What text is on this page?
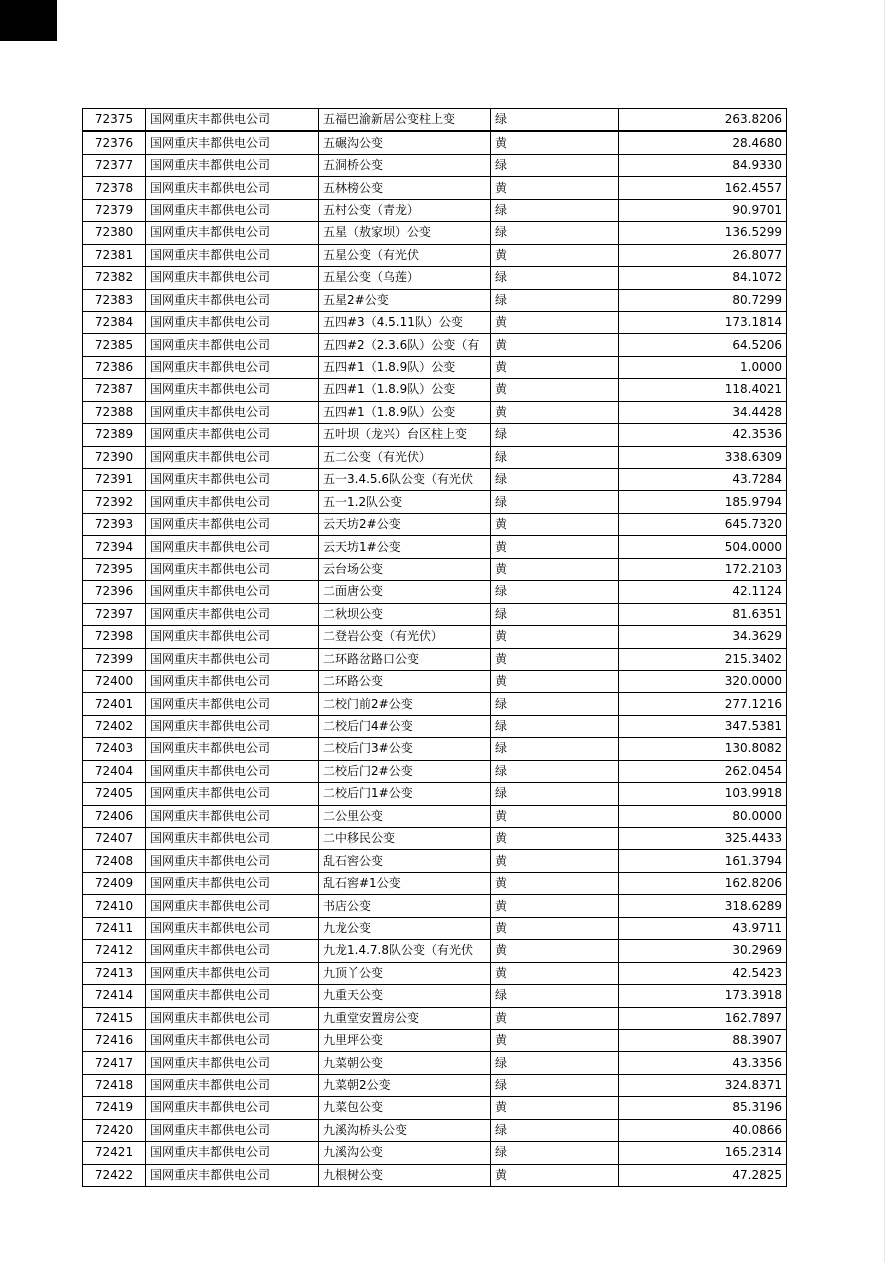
72375	国网重庆丰都供电公司	五福巴渝新居公变柱上变	绿	263.8206
72376	国网重庆丰都供电公司	五碾沟公变	黄	28.4680
72377	国网重庆丰都供电公司	五洞桥公变	绿	84.9330
72378	国网重庆丰都供电公司	五林榜公变	黄	162.4557
72379	国网重庆丰都供电公司	五村公变（青龙）	绿	90.9701
72380	国网重庆丰都供电公司	五星（敖家坝）公变	绿	136.5299
72381	国网重庆丰都供电公司	五星公变（有光伏	黄	26.8077
72382	国网重庆丰都供电公司	五星公变（乌莲）	绿	84.1072
72383	国网重庆丰都供电公司	五星2#公变	绿	80.7299
72384	国网重庆丰都供电公司	五四#3（4.5.11队）公变	黄	173.1814
72385	国网重庆丰都供电公司	五四#2（2.3.6队）公变（有	黄	64.5206
72386	国网重庆丰都供电公司	五四#1（1.8.9队）公变	黄	1.0000
72387	国网重庆丰都供电公司	五四#1（1.8.9队）公变	黄	118.4021
72388	国网重庆丰都供电公司	五四#1（1.8.9队）公变	黄	34.4428
72389	国网重庆丰都供电公司	五叶坝（龙兴）台区柱上变	绿	42.3536
72390	国网重庆丰都供电公司	五二公变（有光伏）	绿	338.6309
72391	国网重庆丰都供电公司	五一3.4.5.6队公变（有光伏	绿	43.7284
72392	国网重庆丰都供电公司	五一1.2队公变	绿	185.9794
72393	国网重庆丰都供电公司	云天坊2#公变	黄	645.7320
72394	国网重庆丰都供电公司	云天坊1#公变	黄	504.0000
72395	国网重庆丰都供电公司	云台场公变	黄	172.2103
72396	国网重庆丰都供电公司	二面唐公变	绿	42.1124
72397	国网重庆丰都供电公司	二秋坝公变	绿	81.6351
72398	国网重庆丰都供电公司	二登岩公变（有光伏）	黄	34.3629
72399	国网重庆丰都供电公司	二环路岔路口公变	黄	215.3402
72400	国网重庆丰都供电公司	二环路公变	黄	320.0000
72401	国网重庆丰都供电公司	二校门前2#公变	绿	277.1216
72402	国网重庆丰都供电公司	二校后门4#公变	绿	347.5381
72403	国网重庆丰都供电公司	二校后门3#公变	绿	130.8082
72404	国网重庆丰都供电公司	二校后门2#公变	绿	262.0454
72405	国网重庆丰都供电公司	二校后门1#公变	绿	103.9918
72406	国网重庆丰都供电公司	二公里公变	黄	80.0000
72407	国网重庆丰都供电公司	二中移民公变	黄	325.4433
72408	国网重庆丰都供电公司	乱石窖公变	黄	161.3794
72409	国网重庆丰都供电公司	乱石窖#1公变	黄	162.8206
72410	国网重庆丰都供电公司	书店公变	黄	318.6289
72411	国网重庆丰都供电公司	九龙公变	黄	43.9711
72412	国网重庆丰都供电公司	九龙1.4.7.8队公变（有光伏	黄	30.2969
72413	国网重庆丰都供电公司	九顶丫公变	黄	42.5423
72414	国网重庆丰都供电公司	九重天公变	绿	173.3918
72415	国网重庆丰都供电公司	九重堂安置房公变	黄	162.7897
72416	国网重庆丰都供电公司	九里坪公变	黄	88.3907
72417	国网重庆丰都供电公司	九菜朝公变	绿	43.3356
72418	国网重庆丰都供电公司	九菜朝2公变	绿	324.8371
72419	国网重庆丰都供电公司	九菜包公变	黄	85.3196
72420	国网重庆丰都供电公司	九溪沟桥头公变	绿	40.0866
72421	国网重庆丰都供电公司	九溪沟公变	绿	165.2314
72422	国网重庆丰都供电公司	九根树公变	黄	47.2825
